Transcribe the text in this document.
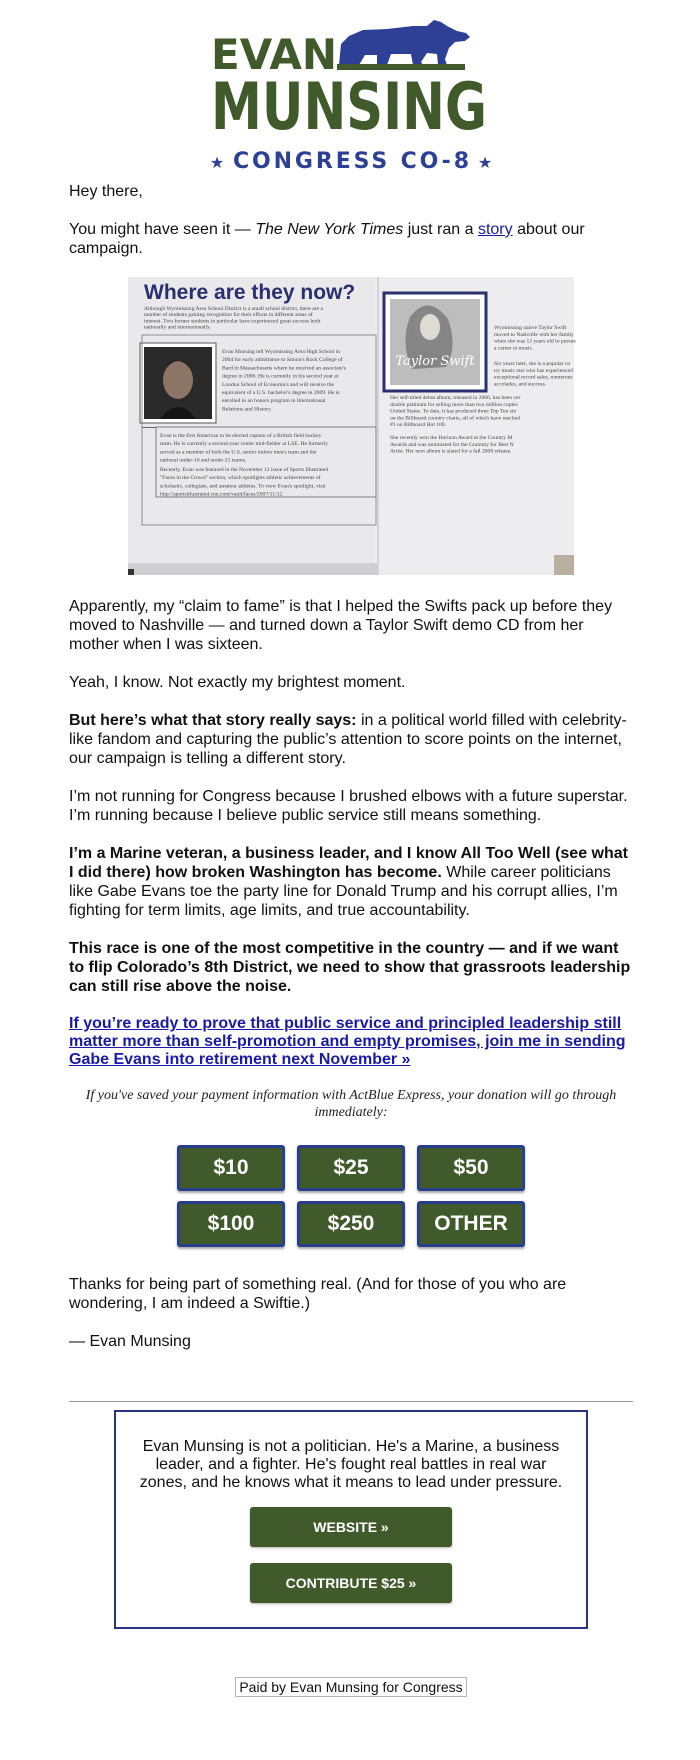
EVAN
MUNSING
CONGRESS CO-8
★	★

Hey there,

You might have seen it — The New York Times just ran a story about our campaign.

Where are they now?
Although Wyomissing Area School District is a small school district, there are a
number of students gaining recognition for their efforts in different areas of
interest. Two former students in particular have experienced great success both
nationally and internationally.
Evan Munsing left Wyomissing Area High School in
2004 for early admittance to Simon's Rock College of
Bard in Massachusetts where he received an associate's
degree in 2006. He is currently in his second year at
London School of Economics and will receive the
equivalent of a U.S. bachelor's degree in 2009. He is
enrolled in an honors program in International
Relations and History.
Evan is the first American to be elected captain of a British field hockey
team. He is currently a second-year center mid-fielder at LSE. He formerly
served as a member of both the U.S. senior indoor men's team and the
national under-16 and under-21 teams.
Recently, Evan was featured in the November 12 issue of Sports Illustrated
"Faces in the Crowd" section, which spotlights athletic achievements of
scholastic, collegiate, and amateur athletes. To view Evan's spotlight, visit
http://sportsillustrated.cnn.com/vault/faces/2007/11/12.
Taylor Swift
Wyomissing native Taylor Swift
moved to Nashville with her family
when she was 12 years old to pursue
a career in music.
Six years later, she is a popular co
try music star who has experienced
exceptional record sales, numerous
accolades, and success.
Her self-titled debut album, released in 2006, has been cer
double platinum for selling more than two million copies
United States. To date, it has produced three Top Ten sin
on the Billboard country charts, all of which have reached
#3 on Billboard Hot 100.
She recently won the Horizon Award at the Country M
Awards and was nominated for the Grammy for Best N
Artist. Her next album is slated for a fall 2008 release.

Apparently, my “claim to fame” is that I helped the Swifts pack up before they moved to Nashville — and turned down a Taylor Swift demo CD from her mother when I was sixteen.

Yeah, I know. Not exactly my brightest moment.

But here’s what that story really says: in a political world filled with celebrity-like fandom and capturing the public’s attention to score points on the internet, our campaign is telling a different story.

I’m not running for Congress because I brushed elbows with a future superstar. I’m running because I believe public service still means something.

I’m a Marine veteran, a business leader, and I know All Too Well (see what I did there) how broken Washington has become. While career politicians like Gabe Evans toe the party line for Donald Trump and his corrupt allies, I’m fighting for term limits, age limits, and true accountability.

This race is one of the most competitive in the country — and if we want to flip Colorado’s 8th District, we need to show that grassroots leadership can still rise above the noise.

If you’re ready to prove that public service and principled leadership still matter more than self-promotion and empty promises, join me in sending Gabe Evans into retirement next November »

If you've saved your payment information with ActBlue Express, your donation will go through immediately:

$10	$25	$50
$100	$250	OTHER

Thanks for being part of something real. (And for those of you who are wondering, I am indeed a Swiftie.)

— Evan Munsing

Evan Munsing is not a politician. He's a Marine, a business leader, and a fighter. He's fought real battles in real war zones, and he knows what it means to lead under pressure.

WEBSITE »
CONTRIBUTE $25 »
Paid by Evan Munsing for Congress
